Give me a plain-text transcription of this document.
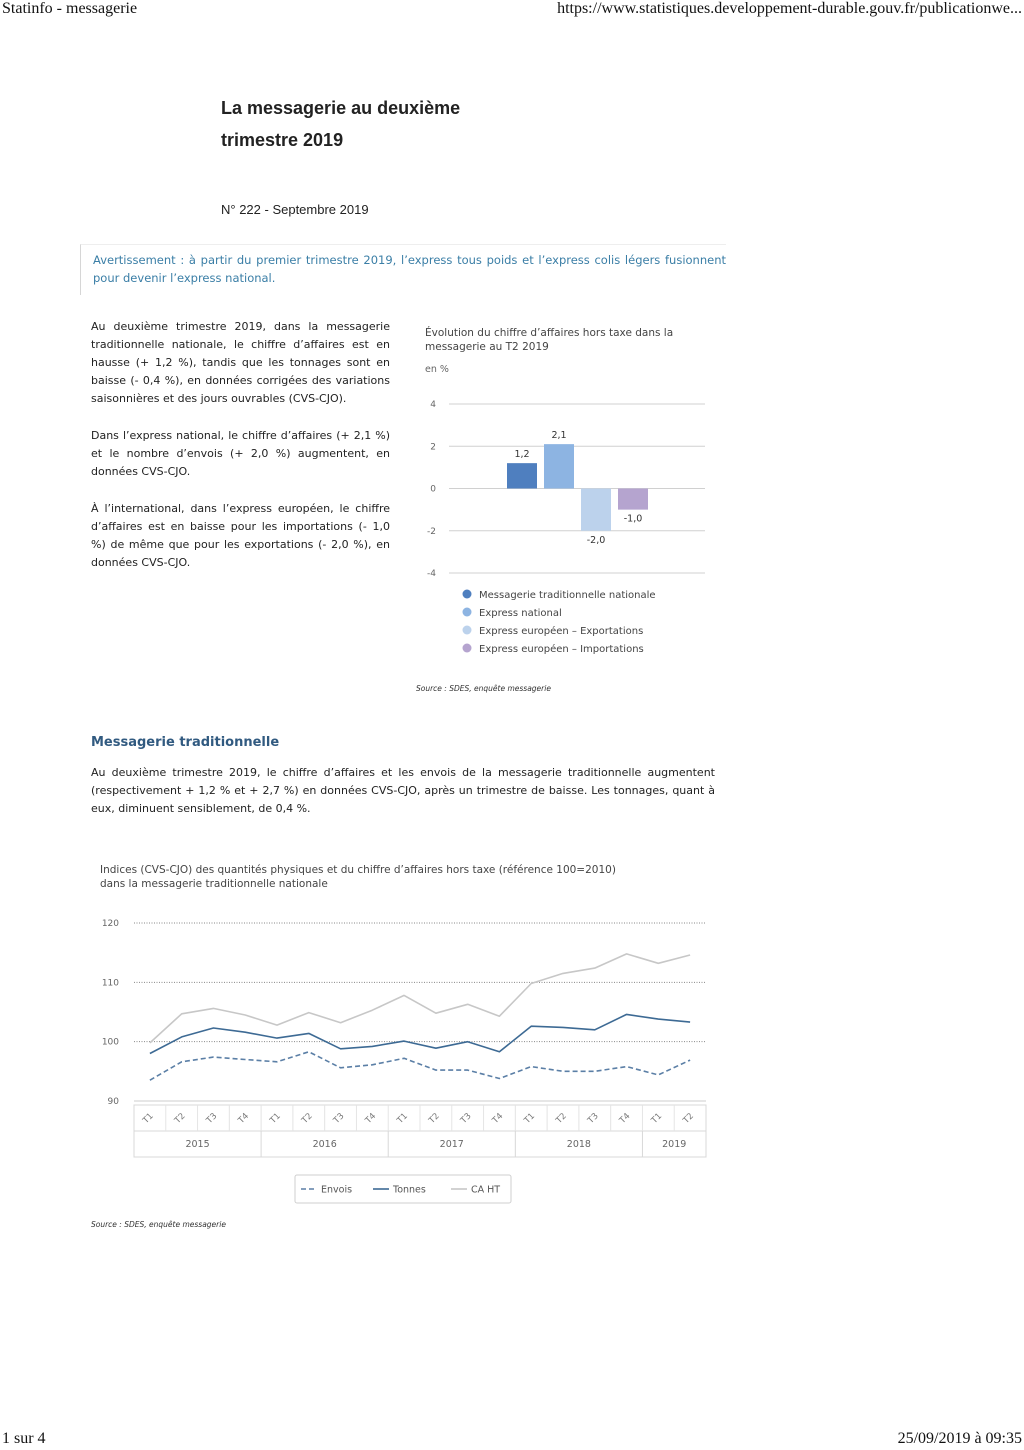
Statinfo - messagerie	https://www.statistiques.developpement-durable.gouv.fr/publicationwe...
1 sur 4	25/09/2019 à 09:35
La messagerie au deuxième
trimestre 2019
N° 222 - Septembre 2019
Avertissement : à partir du premier trimestre 2019, l’express tous poids et l’express colis légers fusionnent pour devenir l’express national.
Au deuxième trimestre 2019, dans la messagerie traditionnelle nationale, le chiffre d’affaires est en hausse (+ 1,2 %), tandis que les tonnages sont en baisse (- 0,4 %), en données corrigées des variations saisonnières et des jours ouvrables (CVS-CJO).
Dans l’express national, le chiffre d’affaires (+ 2,1 %) et le nombre d’envois (+ 2,0 %) augmentent, en données CVS-CJO.
À l’international, dans l’express européen, le chiffre d’affaires est en baisse pour les importations (- 1,0 %) de même que pour les exportations (- 2,0 %), en données CVS-CJO.
Évolution du chiffre d’affaires hors taxe dans la
messagerie au T2 2019
en %
4
2
0
-2
-4
1,2
2,1
-2,0
-1,0
Messagerie traditionnelle nationale
Express national
Express européen – Exportations
Express européen – Importations
Source : SDES, enquête messagerie
Messagerie traditionnelle
Au deuxième trimestre 2019, le chiffre d’affaires et les envois de la messagerie traditionnelle augmentent (respectivement + 1,2 % et + 2,7 %) en données CVS-CJO, après un trimestre de baisse. Les tonnages, quant à eux, diminuent sensiblement, de 0,4 %.
Indices (CVS-CJO) des quantités physiques et du chiffre d’affaires hors taxe (référence 100=2010)
dans la messagerie traditionnelle nationale
120
110
100
90
T1 T2 T3 T4 T1 T2 T3 T4 T1 T2 T3 T4 T1 T2 T3 T4 T1 T2
2015	2016	2017	2018	2019
Envois	Tonnes	CA HT
Source : SDES, enquête messagerie
